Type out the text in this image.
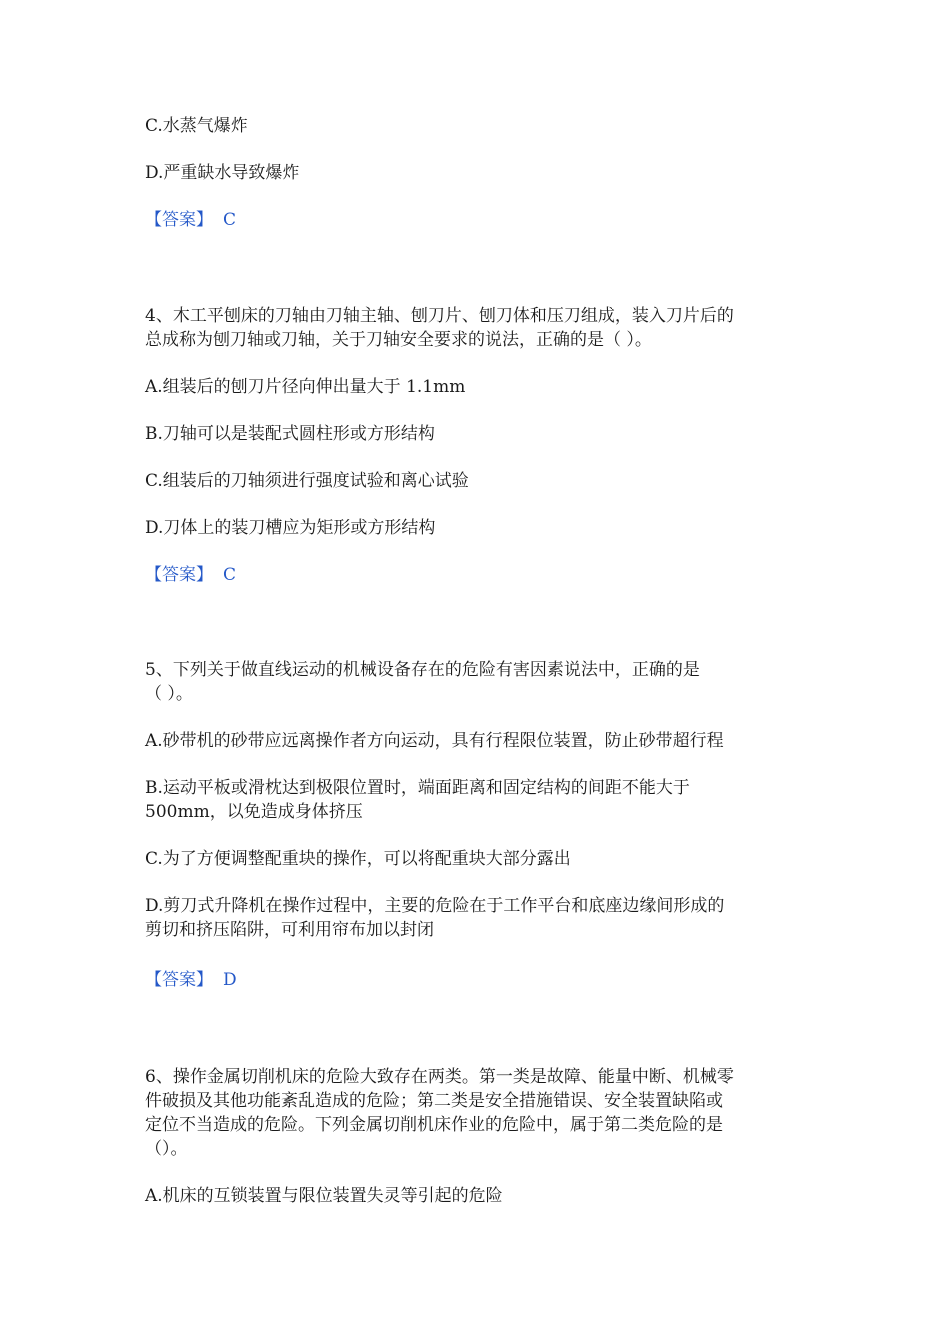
C.水蒸气爆炸
D.严重缺水导致爆炸
【答案】 C
4、木工平刨床的刀轴由刀轴主轴、刨刀片、刨刀体和压刀组成，装入刀片后的
总成称为刨刀轴或刀轴，关于刀轴安全要求的说法，正确的是（ ）。
A.组装后的刨刀片径向伸出量大于 1.1mm
B.刀轴可以是装配式圆柱形或方形结构
C.组装后的刀轴须进行强度试验和离心试验
D.刀体上的装刀槽应为矩形或方形结构
【答案】 C
5、下列关于做直线运动的机械设备存在的危险有害因素说法中，正确的是
（ ）。
A.砂带机的砂带应远离操作者方向运动，具有行程限位装置，防止砂带超行程
B.运动平板或滑枕达到极限位置时，端面距离和固定结构的间距不能大于
500mm，以免造成身体挤压
C.为了方便调整配重块的操作，可以将配重块大部分露出
D.剪刀式升降机在操作过程中，主要的危险在于工作平台和底座边缘间形成的
剪切和挤压陷阱，可利用帘布加以封闭
【答案】 D
6、操作金属切削机床的危险大致存在两类。第一类是故障、能量中断、机械零
件破损及其他功能紊乱造成的危险；第二类是安全措施错误、安全装置缺陷或
定位不当造成的危险。下列金属切削机床作业的危险中，属于第二类危险的是
（）。
A.机床的互锁装置与限位装置失灵等引起的危险
